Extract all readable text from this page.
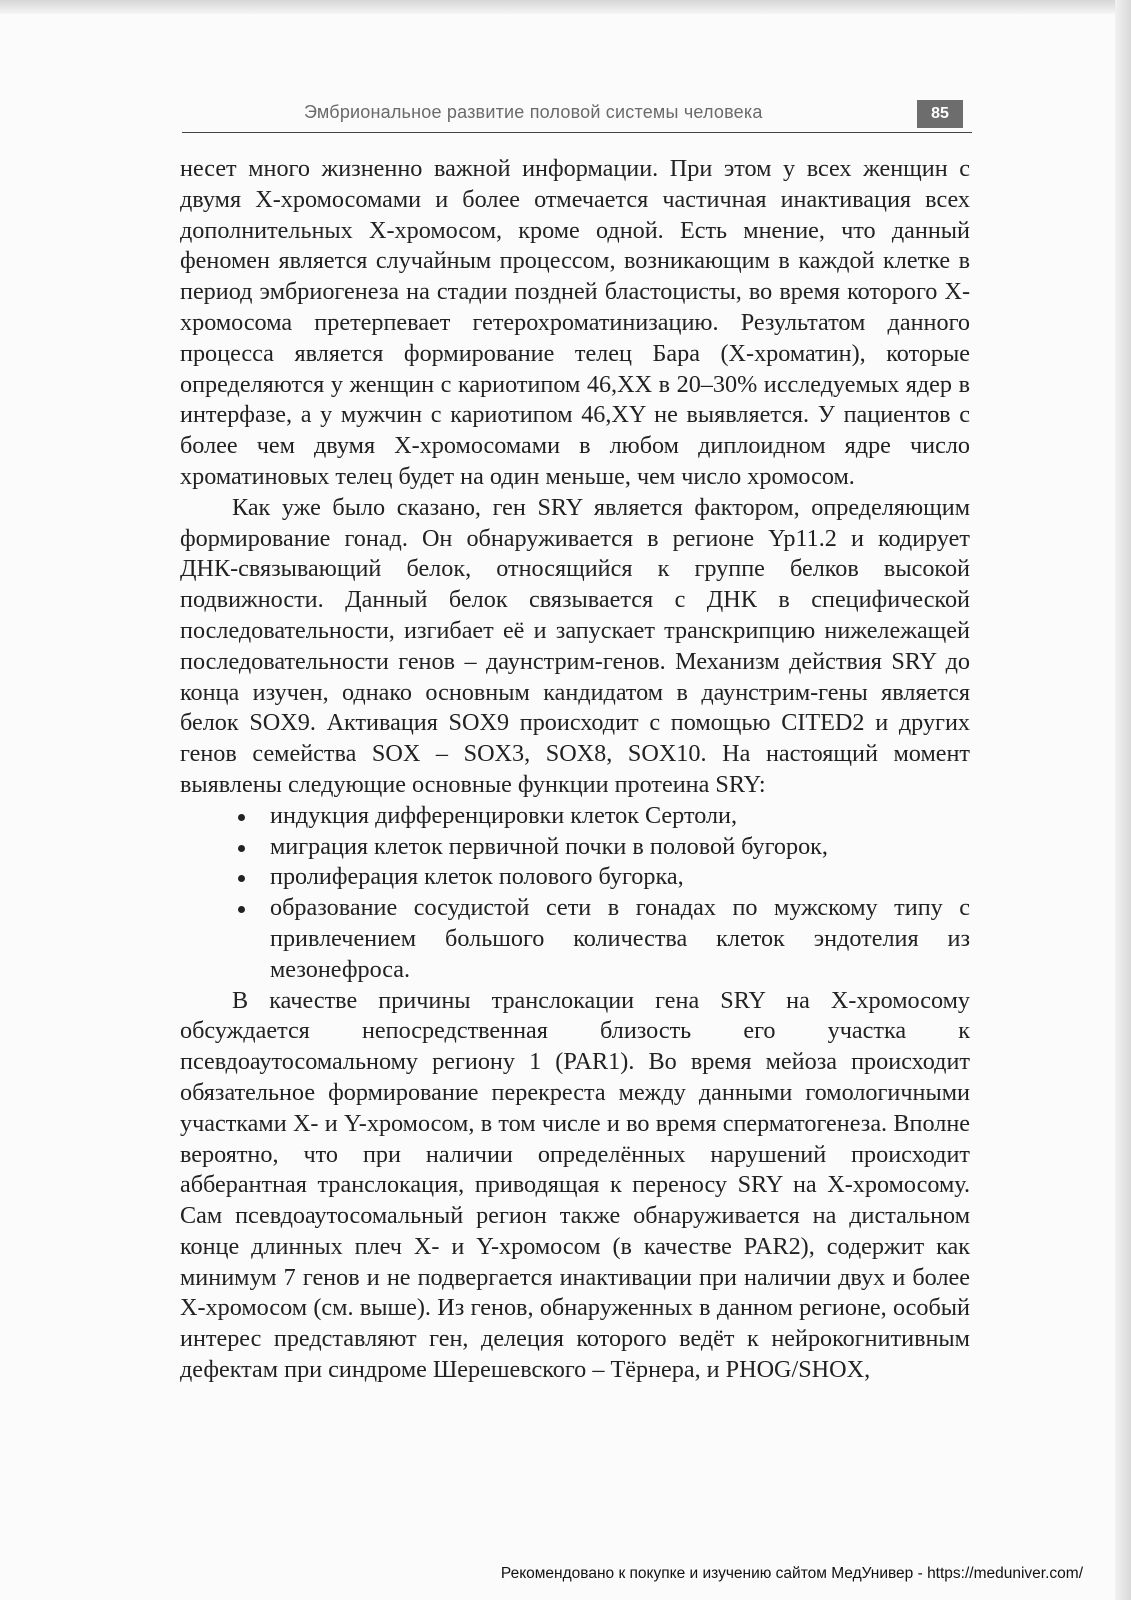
Эмбриональное развитие половой системы человека	85

несет много жизненно важной информации. При этом у всех женщин с двумя X-хромосомами и более отмечается частичная инактивация всех дополнительных X-хромосом, кроме одной. Есть мнение, что данный феномен является случайным процессом, возникающим в каждой клетке в период эмбриогенеза на стадии поздней бластоцисты, во время которого X-хромосома претерпевает гетерохроматинизацию. Результатом данного процесса является формирование телец Бара (X-хроматин), которые определяются у женщин с кариотипом 46,XX в 20–30% исследуемых ядер в интерфазе, а у мужчин с кариотипом 46,XY не выявляется. У пациентов с более чем двумя X-хромосомами в любом диплоидном ядре число хроматиновых телец будет на один меньше, чем число хромосом.

Как уже было сказано, ген SRY является фактором, определяющим формирование гонад. Он обнаруживается в регионе Yp11.2 и кодирует ДНК-связывающий белок, относящийся к группе белков высокой подвижности. Данный белок связывается с ДНК в специфической последовательности, изгибает её и запускает транскрипцию нижележащей последовательности генов – даунстрим-генов. Механизм действия SRY до конца изучен, однако основным кандидатом в даунстрим-гены является белок SOX9. Активация SOX9 происходит с помощью CITED2 и других генов семейства SOX – SOX3, SOX8, SOX10. На настоящий момент выявлены следующие основные функции протеина SRY:

индукция дифференцировки клеток Сертоли,
миграция клеток первичной почки в половой бугорок,
пролиферация клеток полового бугорка,
образование сосудистой сети в гонадах по мужскому типу с привлечением большого количества клеток эндотелия из мезонефроса.

В качестве причины транслокации гена SRY на X-хромосому обсуждается непосредственная близость его участка к псевдоаутосомальному региону 1 (PAR1). Во время мейоза происходит обязательное формирование перекреста между данными гомологичными участками X- и Y-хромосом, в том числе и во время сперматогенеза. Вполне вероятно, что при наличии определённых нарушений происходит абберантная транслокация, приводящая к переносу SRY на X-хромосому. Сам псевдоаутосомальный регион также обнаруживается на дистальном конце длинных плеч X- и Y-хромосом (в качестве PAR2), содержит как минимум 7 генов и не подвергается инактивации при наличии двух и более X-хромосом (см. выше). Из генов, обнаруженных в данном регионе, особый интерес представляют ген, делеция которого ведёт к нейрокогнитивным дефектам при синдроме Шерешевского – Тёрнера, и PHOG/SHOX,

Рекомендовано к покупке и изучению сайтом МедУнивер - https://meduniver.com/
